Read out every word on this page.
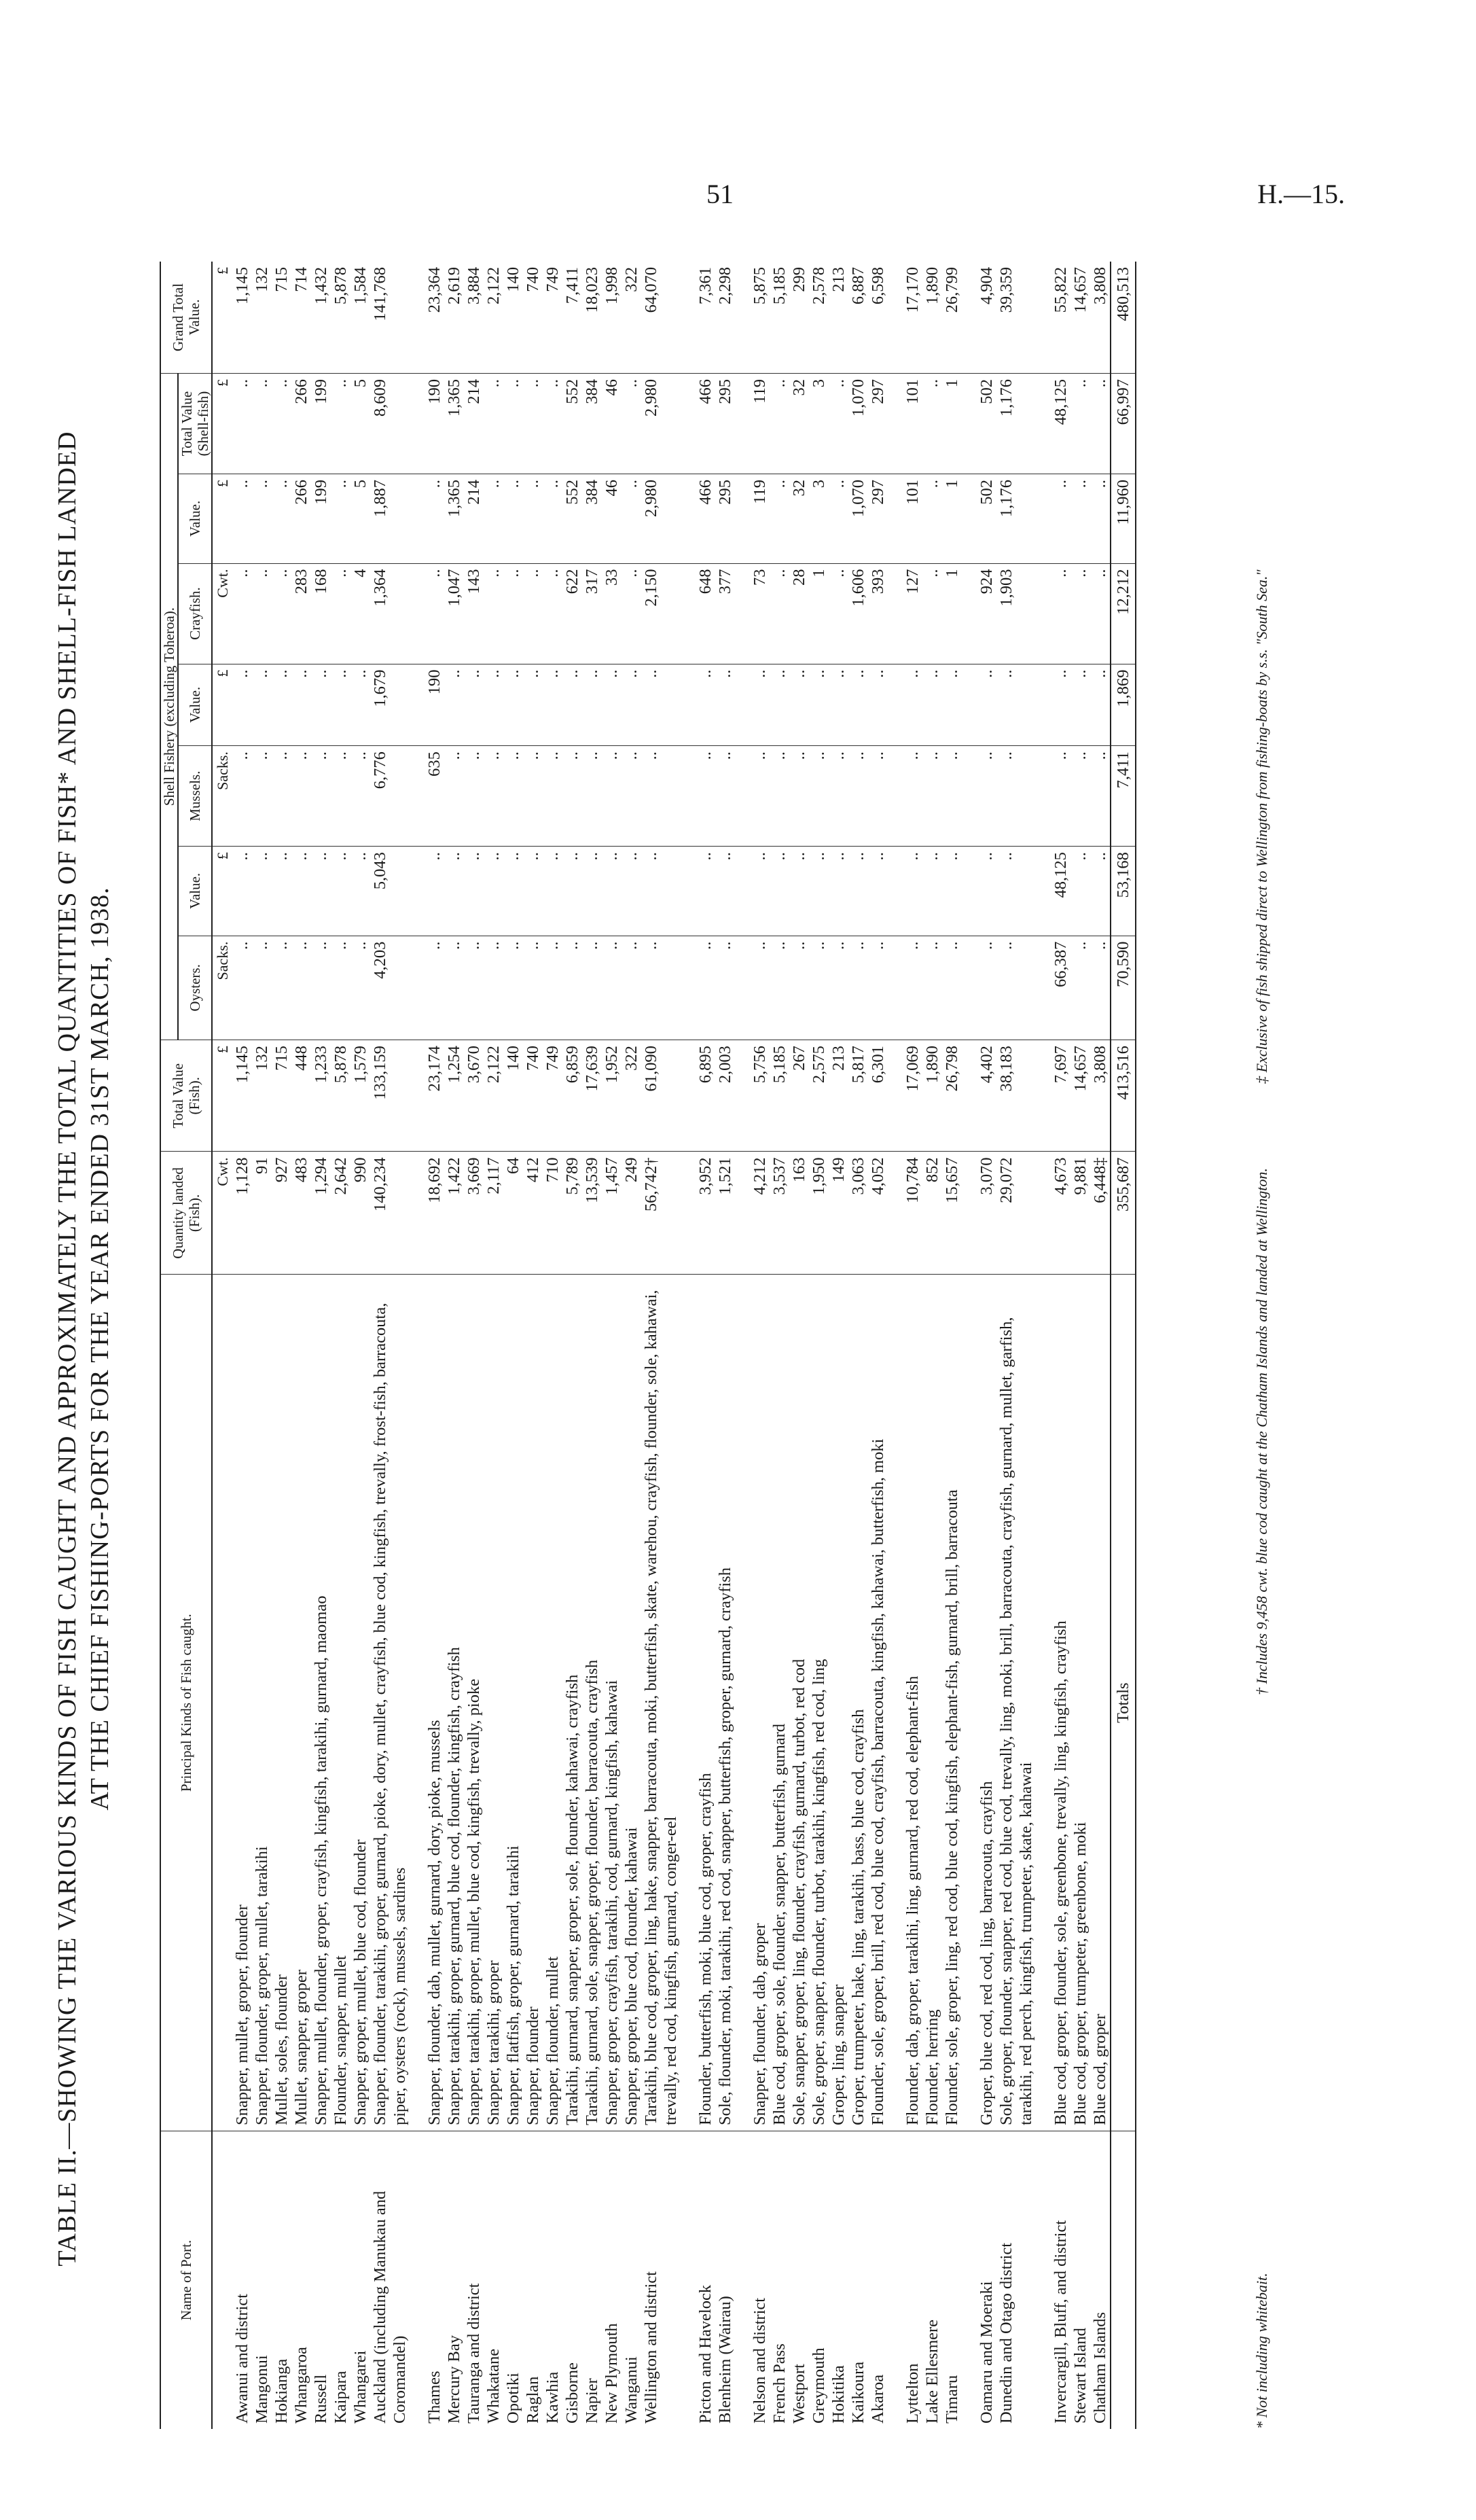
51	H.—15.
TABLE II.—SHOWING THE VARIOUS KINDS OF FISH CAUGHT AND APPROXIMATELY THE TOTAL QUANTITIES OF FISH* AND SHELL-FISH LANDED AT THE CHIEF FISHING-PORTS FOR THE YEAR ENDED 31ST MARCH, 1938.
Name of Port.	Principal Kinds of Fish caught.	Quantity landed (Fish).	Total Value (Fish).	Shell Fishery (excluding Toheroa).							Grand Total Value.
				Oysters.	Value.	Mussels.	Value.	Crayfish.	Value.	Total Value (Shell-fish)	
		Cwt.	£	Sacks.	£	Sacks.	£	Cwt.	£	£	£
Awanui and district	Snapper, mullet, groper, flounder	1,128	1,145	..	..	..	..	..	..	..	1,145
Mangonui	Snapper, flounder, groper, mullet, tarakihi	91	132	..	..	..	..	..	..	..	132
Hokianga	Mullet, soles, flounder	927	715	..	..	..	..	..	..	..	715
Whangaroa	Mullet, snapper, groper	483	448	..	..	..	..	283	266	266	714
Russell	Snapper, mullet, flounder, groper, crayfish, kingfish, tarakihi, gurnard, maomao	1,294	1,233	..	..	..	..	168	199	199	1,432
Kaipara	Flounder, snapper, mullet	2,642	5,878	..	..	..	..	..	..	..	5,878
Whangarei	Snapper, groper, mullet, blue cod, flounder	990	1,579	..	..	..	..	4	5	5	1,584
Auckland (including Manukau and Coromandel)	Snapper, flounder, tarakihi, groper, gurnard, pioke, dory, mullet, crayfish, blue cod, kingfish, trevally, frost-fish, barracouta, piper, oysters (rock), mussels, sardines	140,234	133,159	4,203	5,043	6,776	1,679	1,364	1,887	8,609	141,768

Thames	Snapper, flounder, dab, mullet, gurnard, dory, pioke, mussels	18,692	23,174	..	..	635	190	..	..	190	23,364
Mercury Bay	Snapper, tarakihi, groper, gurnard, blue cod, flounder, kingfish, crayfish	1,422	1,254	..	..	..	..	1,047	1,365	1,365	2,619
Tauranga and district	Snapper, tarakihi, groper, mullet, blue cod, kingfish, trevally, pioke	3,669	3,670	..	..	..	..	143	214	214	3,884
Whakatane	Snapper, tarakihi, groper	2,117	2,122	..	..	..	..	..	..	..	2,122
Opotiki	Snapper, flatfish, groper, gurnard, tarakihi	64	140	..	..	..	..	..	..	..	140
Raglan	Snapper, flounder	412	740	..	..	..	..	..	..	..	740
Kawhia	Snapper, flounder, mullet	710	749	..	..	..	..	..	..	..	749
Gisborne	Tarakihi, gurnard, snapper, groper, sole, flounder, kahawai, crayfish	5,789	6,859	..	..	..	..	622	552	552	7,411
Napier	Tarakihi, gurnard, sole, snapper, groper, flounder, barracouta, crayfish	13,539	17,639	..	..	..	..	317	384	384	18,023
New Plymouth	Snapper, groper, crayfish, tarakihi, cod, gurnard, kingfish, kahawai	1,457	1,952	..	..	..	..	33	46	46	1,998
Wanganui	Snapper, groper, blue cod, flounder, kahawai	249	322	..	..	..	..	..	..	..	322
Wellington and district	Tarakihi, blue cod, groper, ling, hake, snapper, barracouta, moki, butterfish, skate, warehou, crayfish, flounder, sole, kahawai, trevally, red cod, kingfish, gurnard, conger-eel	56,742†	61,090	..	..	..	..	2,150	2,980	2,980	64,070

Picton and Havelock	Flounder, butterfish, moki, blue cod, groper, crayfish	3,952	6,895	..	..	..	..	648	466	466	7,361
Blenheim (Wairau)	Sole, flounder, moki, tarakihi, red cod, snapper, butterfish, groper, gurnard, crayfish	1,521	2,003	..	..	..	..	377	295	295	2,298

Nelson and district	Snapper, flounder, dab, groper	4,212	5,756	..	..	..	..	73	119	119	5,875
French Pass	Blue cod, groper, sole, flounder, snapper, butterfish, gurnard	3,537	5,185	..	..	..	..	..	..	..	5,185
Westport	Sole, snapper, groper, ling, flounder, crayfish, gurnard, turbot, red cod	163	267	..	..	..	..	28	32	32	299
Greymouth	Sole, groper, snapper, flounder, turbot, tarakihi, kingfish, red cod, ling	1,950	2,575	..	..	..	..	1	3	3	2,578
Hokitika	Groper, ling, snapper	149	213	..	..	..	..	..	..	..	213
Kaikoura	Groper, trumpeter, hake, ling, tarakihi, bass, blue cod, crayfish	3,063	5,817	..	..	..	..	1,606	1,070	1,070	6,887
Akaroa	Flounder, sole, groper, brill, red cod, blue cod, crayfish, barracouta, kingfish, kahawai, butterfish, moki	4,052	6,301	..	..	..	..	393	297	297	6,598

Lyttelton	Flounder, dab, groper, tarakihi, ling, gurnard, red cod, elephant-fish	10,784	17,069	..	..	..	..	127	101	101	17,170
Lake Ellesmere	Flounder, herring	852	1,890	..	..	..	..	..	..	..	1,890
Timaru	Flounder, sole, groper, ling, red cod, blue cod, kingfish, elephant-fish, gurnard, brill, barracouta	15,657	26,798	..	..	..	..	1	1	1	26,799

Oamaru and Moeraki	Groper, blue cod, red cod, ling, barracouta, crayfish	3,070	4,402	..	..	..	..	924	502	502	4,904
Dunedin and Otago district	Sole, groper, flounder, snapper, red cod, blue cod, trevally, ling, moki, brill, barracouta, crayfish, gurnard, mullet, garfish, tarakihi, red perch, kingfish, trumpeter, skate, kahawai	29,072	38,183	..	..	..	..	1,903	1,176	1,176	39,359

Invercargill, Bluff, and district	Blue cod, groper, flounder, sole, greenbone, trevally, ling, kingfish, crayfish	4,673	7,697	66,387	48,125	..	..	..	..	48,125	55,822
Stewart Island	Blue cod, groper, trumpeter, greenbone, moki	9,881	14,657	..	..	..	..	..	..	..	14,657
Chatham Islands	Blue cod, groper	6,448‡	3,808	..	..	..	..	..	..	..	3,808
	Totals	355,687	413,516	70,590	53,168	7,411	1,869	12,212	11,960	66,997	480,513
* Not including whitebait.
† Includes 9,458 cwt. blue cod caught at the Chatham Islands and landed at Wellington.
‡ Exclusive of fish shipped direct to Wellington from fishing-boats by s.s. "South Sea."
